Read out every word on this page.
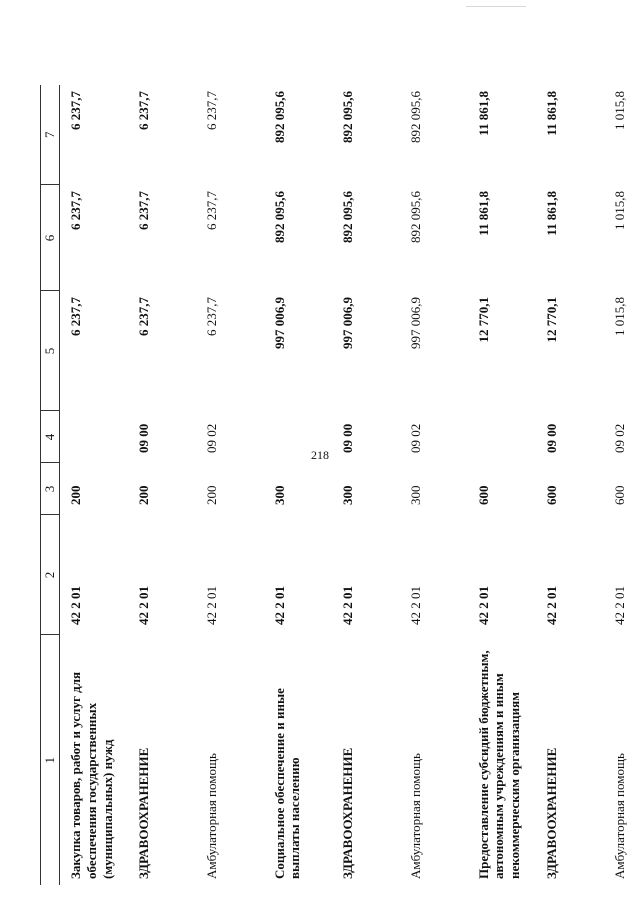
218
1	2	3	4	5	6	7
Закупка товаров, работ и услуг для обеспечения государственных (муниципальных) нужд	42 2 01	200		6 237,7	6 237,7	6 237,7
ЗДРАВООХРАНЕНИЕ	42 2 01	200	09 00	6 237,7	6 237,7	6 237,7
Амбулаторная помощь	42 2 01	200	09 02	6 237,7	6 237,7	6 237,7
Социальное обеспечение и иные выплаты населению	42 2 01	300		997 006,9	892 095,6	892 095,6
ЗДРАВООХРАНЕНИЕ	42 2 01	300	09 00	997 006,9	892 095,6	892 095,6
Амбулаторная помощь	42 2 01	300	09 02	997 006,9	892 095,6	892 095,6
Предоставление субсидий бюджетным, автономным учреждениям и иным некоммерческим организациям	42 2 01	600		12 770,1	11 861,8	11 861,8
ЗДРАВООХРАНЕНИЕ	42 2 01	600	09 00	12 770,1	11 861,8	11 861,8
Амбулаторная помощь	42 2 01	600	09 02	1 015,8	1 015,8	1 015,8
